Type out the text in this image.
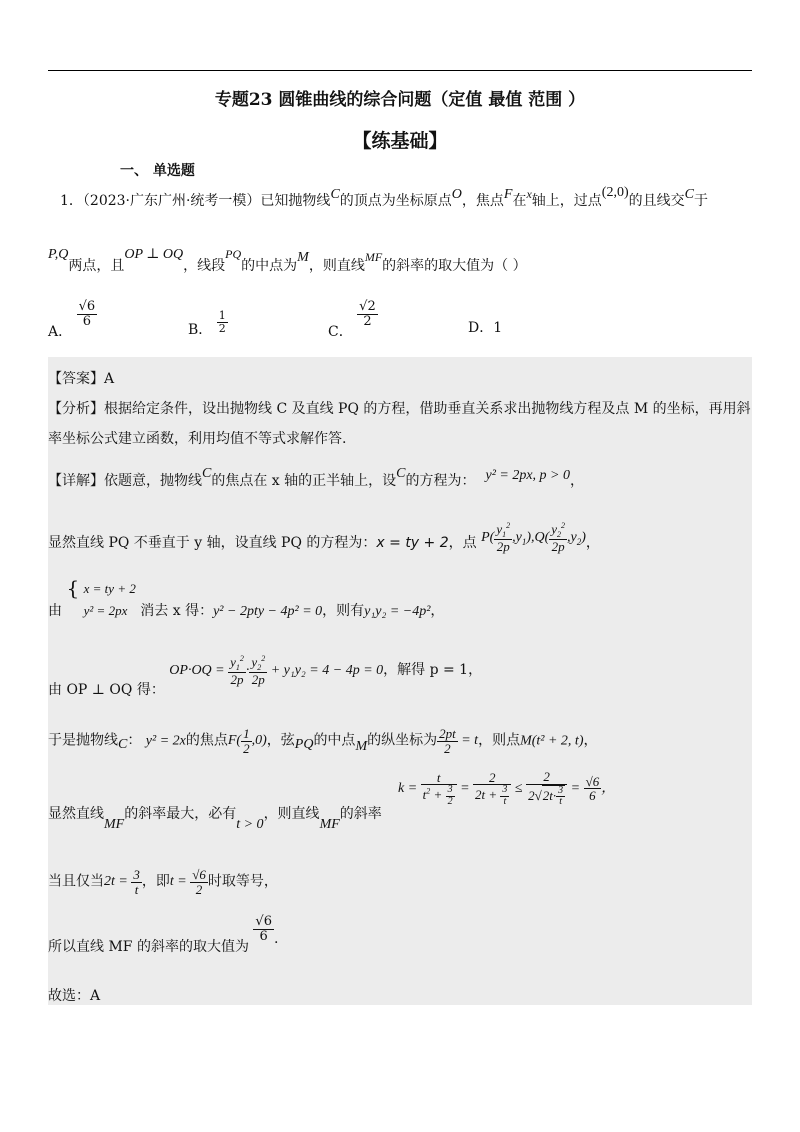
专题23 圆锥曲线的综合问题（定值 最值 范围 ）
【练基础】
一、 单选题
1．（2023·广东广州·统考一模）已知抛物线C的顶点为坐标原点O，焦点F在x轴上，过点(2,0)的且线交C于
P,Q两点，且OP ⊥ OQ，线段PQ的中点为M，则直线MF的斜率的取大值为（ ）
A．
$\frac{√6}{6}$
B． $\frac{1}{2}$	C．
$\frac{√2}{2}$	D．1
【答案】A
【分析】根据给定条件，设出抛物线 C 及直线 PQ 的方程，借助垂直关系求出抛物线方程及点 M 的坐标，再用斜
率坐标公式建立函数，利用均值不等式求解作答.
【详解】依题意，抛物线C的焦点在 x 轴的正半轴上，设C的方程为： y² = 2px, p > 0，
显然直线 PQ 不垂直于 y 轴，设直线 PQ 的方程为：x = ty + 2，点 $P( \frac{y_1^2}{2p} ,y_1),Q( \frac{y_2^2}{2p} ,y_2)$，
由 { x = ty + 2
y² = 2px 消去 x 得：y² − 2pty − 4p² = 0，则有y₁y₂ = −4p²，
由 OP ⊥ OQ 得： $OP\cdot OQ = \frac{y_1^2}{2p} \cdot \frac{y_2^2}{2p} + y_1y_2 = 4 - 4p = 0$，解得 p = 1，
于是抛物线C： y² = 2x的焦点$F( \frac{1}{2} ,0)$，弦PQ的中点M的纵坐标为 $\frac{2pt}{2} = t$，则点M(t² + 2, t)，
显然直线MF的斜率最大，必有t > 0，则直线MF的斜率
$k = \frac{t}{t^2 + \frac{3}{2}} = \frac{2}{2t + \frac{3}{t}} \le \frac{2}{2√2t\cdot \frac{3}{t}} = \frac{√6}{6}$ ，
当且仅当$2t = \frac{3}{t}$ ，即$t = \frac{√6}{2}$ 时取等号，
所以直线 MF 的斜率的取大值为
$\frac{√6}{6}$ .
故选：A
